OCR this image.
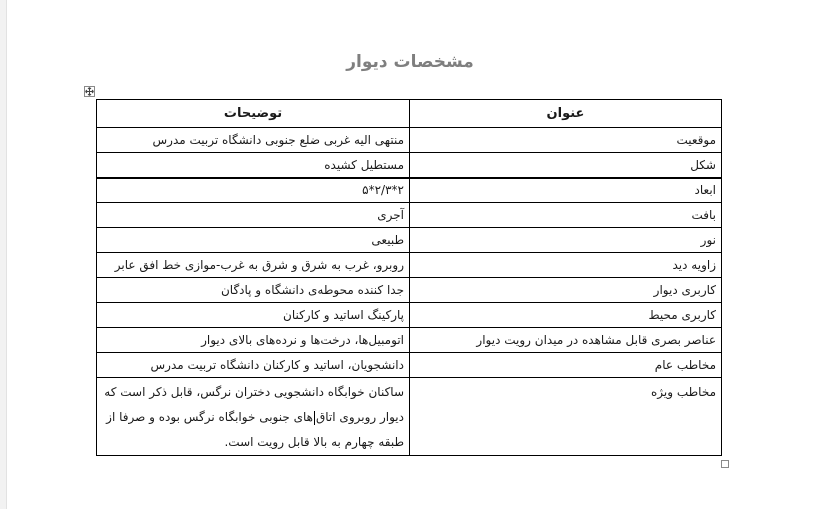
مشخصات دیوار
عنوان	توضیحات
موقعیت	منتهی الیه غربی ضلع جنوبی دانشگاه تربیت مدرس
شکل	مستطیل کشیده
ابعاد	۲*۲/۳*۵
بافت	آجری
نور	طبیعی
زاویه دید	روبرو، غرب به شرق و شرق به غرب-موازی خط افق عابر
کاربری دیوار	جدا کننده محوطه‌ی دانشگاه و پادگان
کاربری محیط	پارکینگ اساتید و کارکنان
عناصر بصری قابل مشاهده در میدان رویت دیوار	اتومبیل‌ها، درخت‌ها و نرده‌های بالای دیوار
مخاطب عام	دانشجویان، اساتید و کارکنان دانشگاه تربیت مدرس
مخاطب ویژه	ساکنان خوابگاه دانشجویی دختران نرگس، قابل ذکر است که دیوار روبروی اتاقهای جنوبی خوابگاه نرگس بوده و صرفا از طبقه چهارم به بالا قابل رویت است.
